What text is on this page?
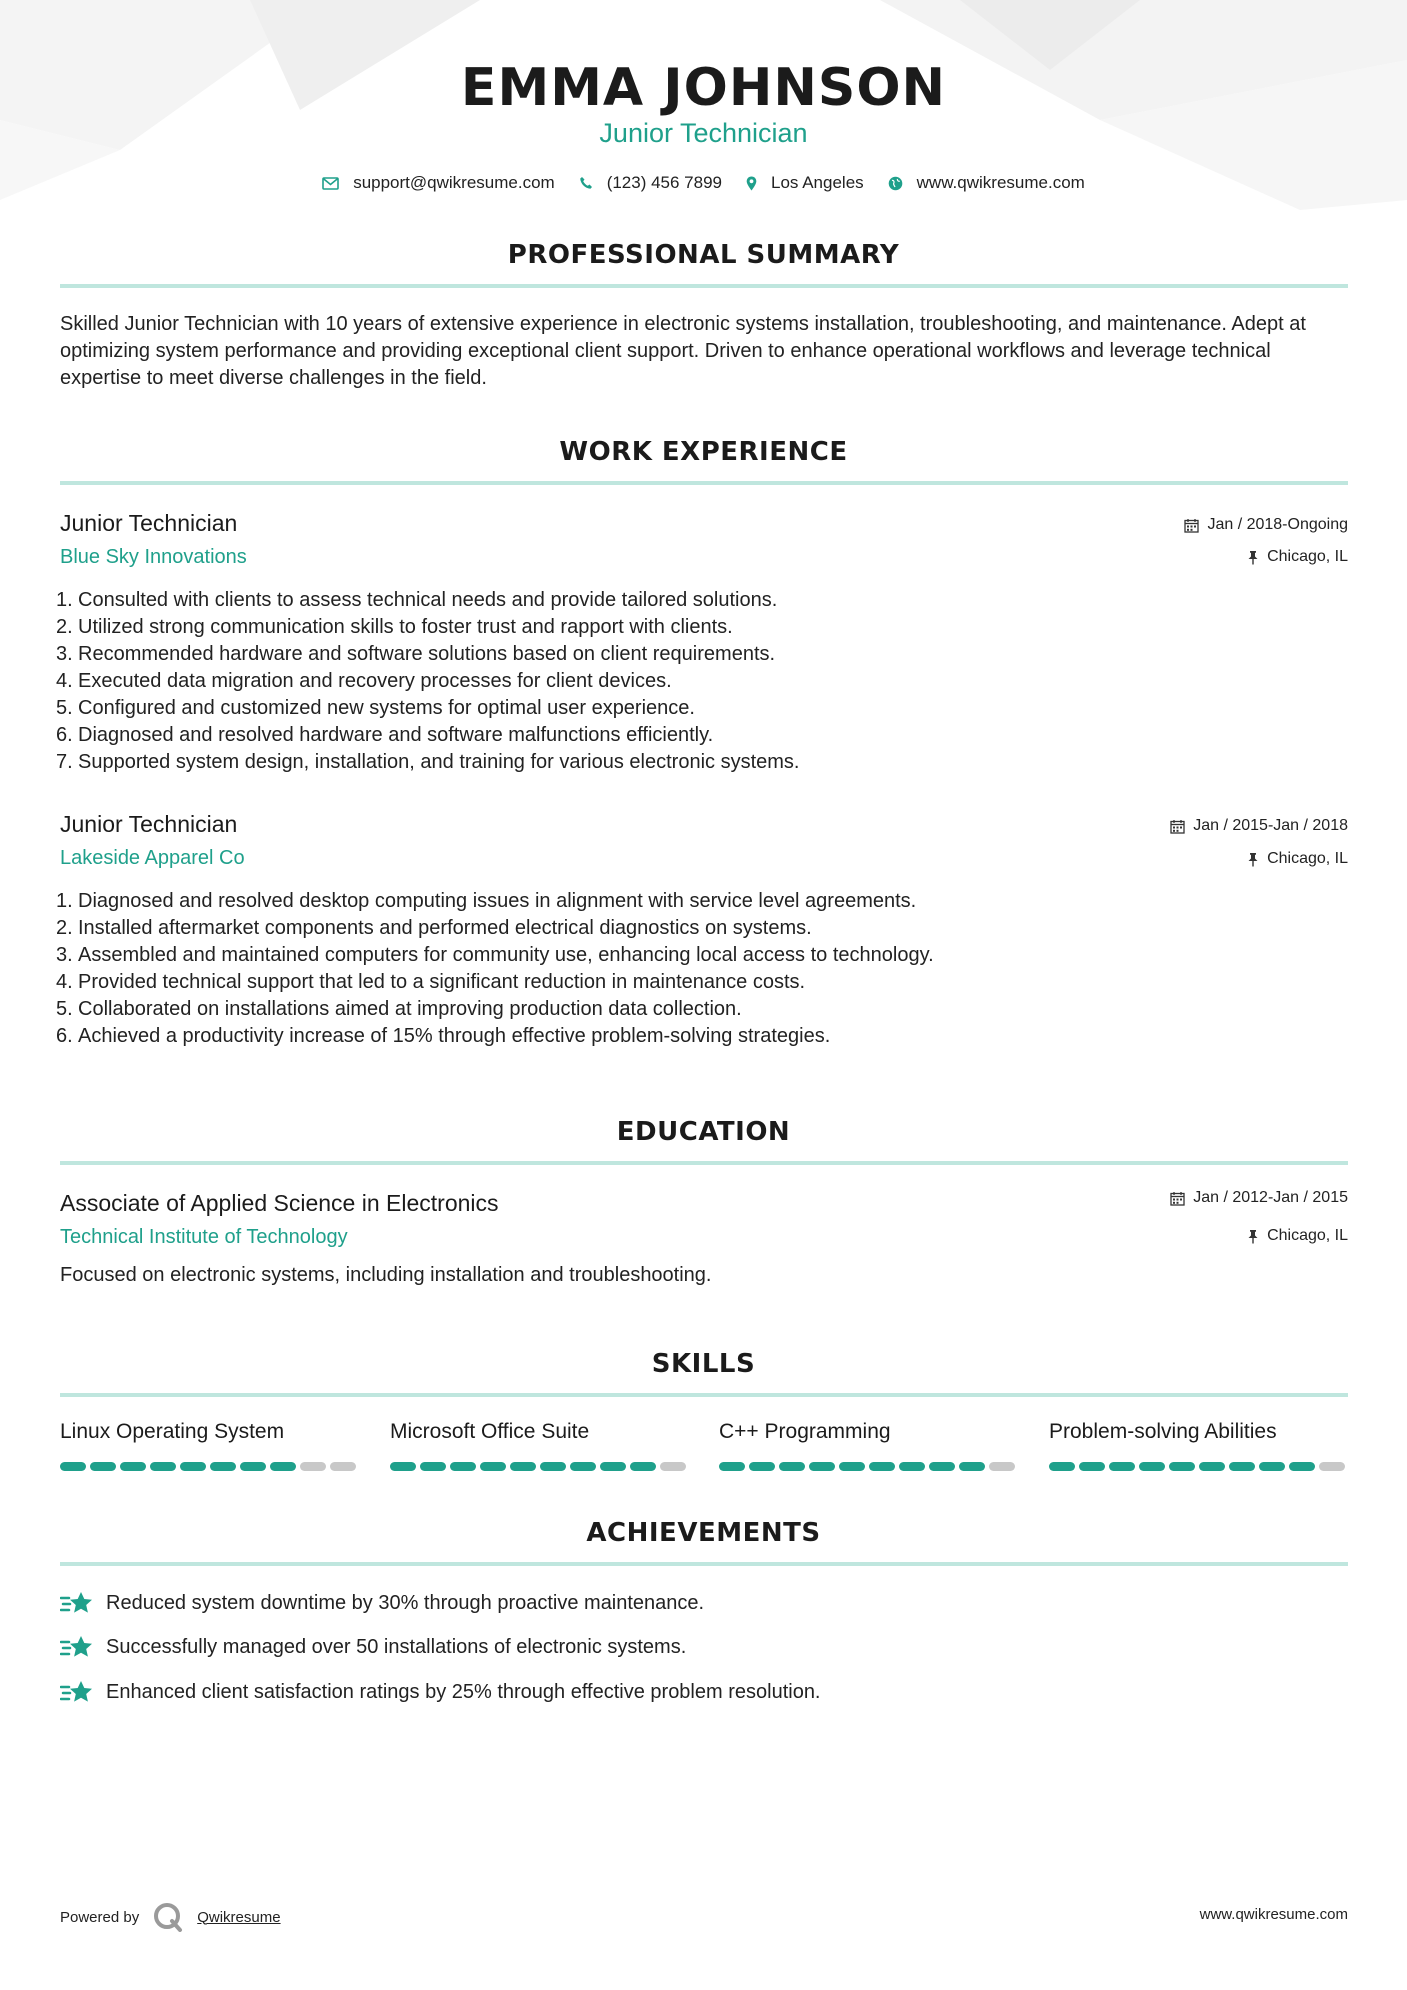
EMMA JOHNSON
Junior Technician
support@qwikresume.com	(123) 456 7899	Los Angeles	www.qwikresume.com
PROFESSIONAL SUMMARY
Skilled Junior Technician with 10 years of extensive experience in electronic systems installation, troubleshooting, and maintenance. Adept at optimizing system performance and providing exceptional client support. Driven to enhance operational workflows and leverage technical expertise to meet diverse challenges in the field.
WORK EXPERIENCE
Junior Technician
Blue Sky Innovations
Jan / 2018-Ongoing
Chicago, IL
1. Consulted with clients to assess technical needs and provide tailored solutions.
2. Utilized strong communication skills to foster trust and rapport with clients.
3. Recommended hardware and software solutions based on client requirements.
4. Executed data migration and recovery processes for client devices.
5. Configured and customized new systems for optimal user experience.
6. Diagnosed and resolved hardware and software malfunctions efficiently.
7. Supported system design, installation, and training for various electronic systems.
Junior Technician
Lakeside Apparel Co
Jan / 2015-Jan / 2018
Chicago, IL
1. Diagnosed and resolved desktop computing issues in alignment with service level agreements.
2. Installed aftermarket components and performed electrical diagnostics on systems.
3. Assembled and maintained computers for community use, enhancing local access to technology.
4. Provided technical support that led to a significant reduction in maintenance costs.
5. Collaborated on installations aimed at improving production data collection.
6. Achieved a productivity increase of 15% through effective problem-solving strategies.
EDUCATION
Associate of Applied Science in Electronics
Technical Institute of Technology
Jan / 2012-Jan / 2015
Chicago, IL
Focused on electronic systems, including installation and troubleshooting.
SKILLS
Linux Operating System	Microsoft Office Suite	C++ Programming	Problem-solving Abilities
ACHIEVEMENTS
Reduced system downtime by 30% through proactive maintenance.
Successfully managed over 50 installations of electronic systems.
Enhanced client satisfaction ratings by 25% through effective problem resolution.
Powered by	Qwikresume	www.qwikresume.com
